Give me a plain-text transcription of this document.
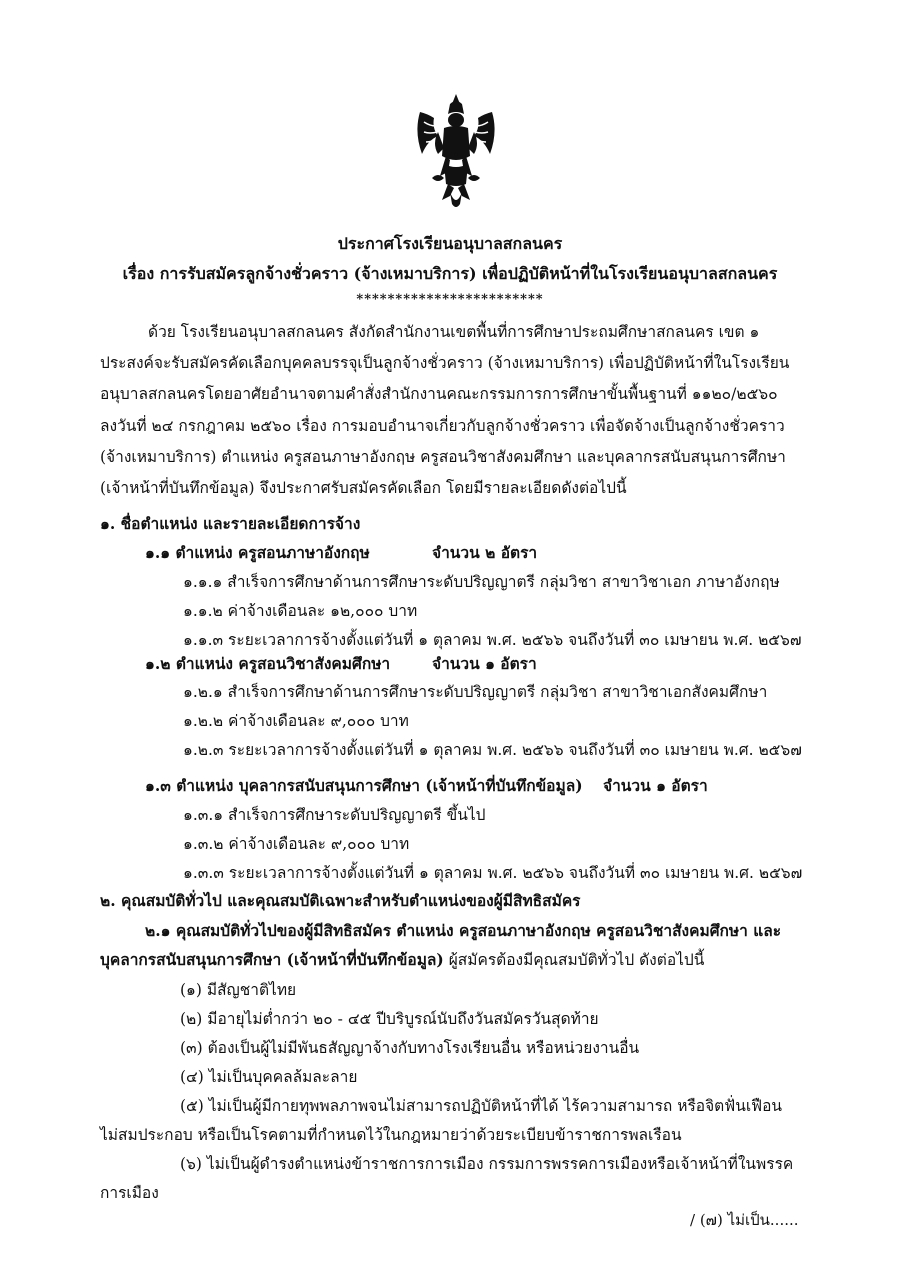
ประกาศโรงเรียนอนุบาลสกลนคร
เรื่อง การรับสมัครลูกจ้างชั่วคราว (จ้างเหมาบริการ) เพื่อปฏิบัติหน้าที่ในโรงเรียนอนุบาลสกลนคร
************************
ด้วย โรงเรียนอนุบาลสกลนคร สังกัดสำนักงานเขตพื้นที่การศึกษาประถมศึกษาสกลนคร เขต ๑
ประสงค์จะรับสมัครคัดเลือกบุคคลบรรจุเป็นลูกจ้างชั่วคราว (จ้างเหมาบริการ) เพื่อปฏิบัติหน้าที่ในโรงเรียน
อนุบาลสกลนครโดยอาศัยอำนาจตามคำสั่งสำนักงานคณะกรรมการการศึกษาขั้นพื้นฐานที่ ๑๑๒๐/๒๕๖๐
ลงวันที่ ๒๔ กรกฎาคม ๒๕๖๐ เรื่อง การมอบอำนาจเกี่ยวกับลูกจ้างชั่วคราว เพื่อจัดจ้างเป็นลูกจ้างชั่วคราว
(จ้างเหมาบริการ) ตำแหน่ง ครูสอนภาษาอังกฤษ ครูสอนวิชาสังคมศึกษา และบุคลากรสนับสนุนการศึกษา
(เจ้าหน้าที่บันทึกข้อมูล) จึงประกาศรับสมัครคัดเลือก โดยมีรายละเอียดดังต่อไปนี้
๑. ชื่อตำแหน่ง และรายละเอียดการจ้าง
๑.๑ ตำแหน่ง ครูสอนภาษาอังกฤษ	จำนวน ๒ อัตรา
๑.๑.๑ สำเร็จการศึกษาด้านการศึกษาระดับปริญญาตรี กลุ่มวิชา สาขาวิชาเอก ภาษาอังกฤษ
๑.๑.๒ ค่าจ้างเดือนละ ๑๒,๐๐๐ บาท
๑.๑.๓ ระยะเวลาการจ้างตั้งแต่วันที่ ๑ ตุลาคม พ.ศ. ๒๕๖๖ จนถึงวันที่ ๓๐ เมษายน พ.ศ. ๒๕๖๗
๑.๒ ตำแหน่ง ครูสอนวิชาสังคมศึกษา	จำนวน ๑ อัตรา
๑.๒.๑ สำเร็จการศึกษาด้านการศึกษาระดับปริญญาตรี กลุ่มวิชา สาขาวิชาเอกสังคมศึกษา
๑.๒.๒ ค่าจ้างเดือนละ ๙,๐๐๐ บาท
๑.๒.๓ ระยะเวลาการจ้างตั้งแต่วันที่ ๑ ตุลาคม พ.ศ. ๒๕๖๖ จนถึงวันที่ ๓๐ เมษายน พ.ศ. ๒๕๖๗
๑.๓ ตำแหน่ง บุคลากรสนับสนุนการศึกษา (เจ้าหน้าที่บันทึกข้อมูล) จำนวน ๑ อัตรา
๑.๓.๑ สำเร็จการศึกษาระดับปริญญาตรี ขึ้นไป
๑.๓.๒ ค่าจ้างเดือนละ ๙,๐๐๐ บาท
๑.๓.๓ ระยะเวลาการจ้างตั้งแต่วันที่ ๑ ตุลาคม พ.ศ. ๒๕๖๖ จนถึงวันที่ ๓๐ เมษายน พ.ศ. ๒๕๖๗
๒. คุณสมบัติทั่วไป และคุณสมบัติเฉพาะสำหรับตำแหน่งของผู้มีสิทธิสมัคร
๒.๑ คุณสมบัติทั่วไปของผู้มีสิทธิสมัคร ตำแหน่ง ครูสอนภาษาอังกฤษ ครูสอนวิชาสังคมศึกษา และ
บุคลากรสนับสนุนการศึกษา (เจ้าหน้าที่บันทึกข้อมูล) ผู้สมัครต้องมีคุณสมบัติทั่วไป ดังต่อไปนี้
(๑) มีสัญชาติไทย
(๒) มีอายุไม่ต่ำกว่า ๒๐ - ๔๕ ปีบริบูรณ์นับถึงวันสมัครวันสุดท้าย
(๓) ต้องเป็นผู้ไม่มีพันธสัญญาจ้างกับทางโรงเรียนอื่น หรือหน่วยงานอื่น
(๔) ไม่เป็นบุคคลล้มละลาย
(๕) ไม่เป็นผู้มีกายทุพพลภาพจนไม่สามารถปฏิบัติหน้าที่ได้ ไร้ความสามารถ หรือจิตฟั่นเฟือน
ไม่สมประกอบ หรือเป็นโรคตามที่กำหนดไว้ในกฎหมายว่าด้วยระเบียบข้าราชการพลเรือน
(๖) ไม่เป็นผู้ดำรงตำแหน่งข้าราชการการเมือง กรรมการพรรคการเมืองหรือเจ้าหน้าที่ในพรรค
การเมือง
/ (๗) ไม่เป็น......
